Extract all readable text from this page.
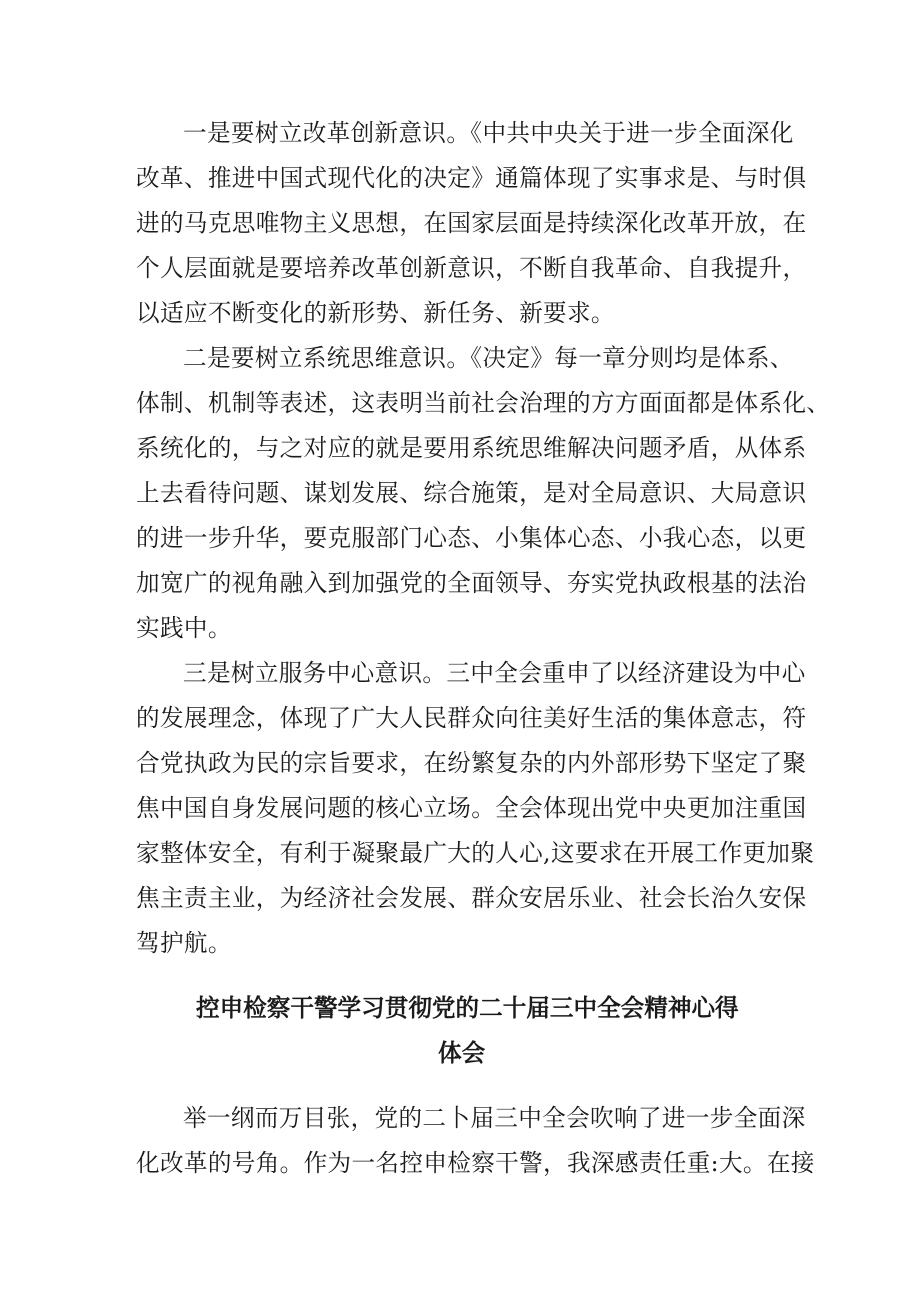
一是要树立改革创新意识。《中共中央关于进一步全面深化

改革、推进中国式现代化的决定》通篇体现了实事求是、与时俱

进的马克思唯物主义思想，在国家层面是持续深化改革开放，在

个人层面就是要培养改革创新意识，不断自我革命、自我提升，

以适应不断变化的新形势、新任务、新要求。

二是要树立系统思维意识。《决定》每一章分则均是体系、

体制、机制等表述，这表明当前社会治理的方方面面都是体系化、

系统化的，与之对应的就是要用系统思维解决问题矛盾，从体系

上去看待问题、谋划发展、综合施策，是对全局意识、大局意识

的进一步升华，要克服部门心态、小集体心态、小我心态，以更

加宽广的视角融入到加强党的全面领导、夯实党执政根基的法治

实践中。

三是树立服务中心意识。三中全会重申了以经济建设为中心

的发展理念，体现了广大人民群众向往美好生活的集体意志，符

合党执政为民的宗旨要求，在纷繁复杂的内外部形势下坚定了聚

焦中国自身发展问题的核心立场。全会体现出党中央更加注重国

家整体安全，有利于凝聚最广大的人心,这要求在开展工作更加聚

焦主责主业，为经济社会发展、群众安居乐业、社会长治久安保

驾护航。

控申检察干警学习贯彻党的二十届三中全会精神心得

体会

举一纲而万目张，党的二卜届三中全会吹响了进一步全面深

化改革的号角。作为一名控申检察干警，我深感责任重:大。在接
